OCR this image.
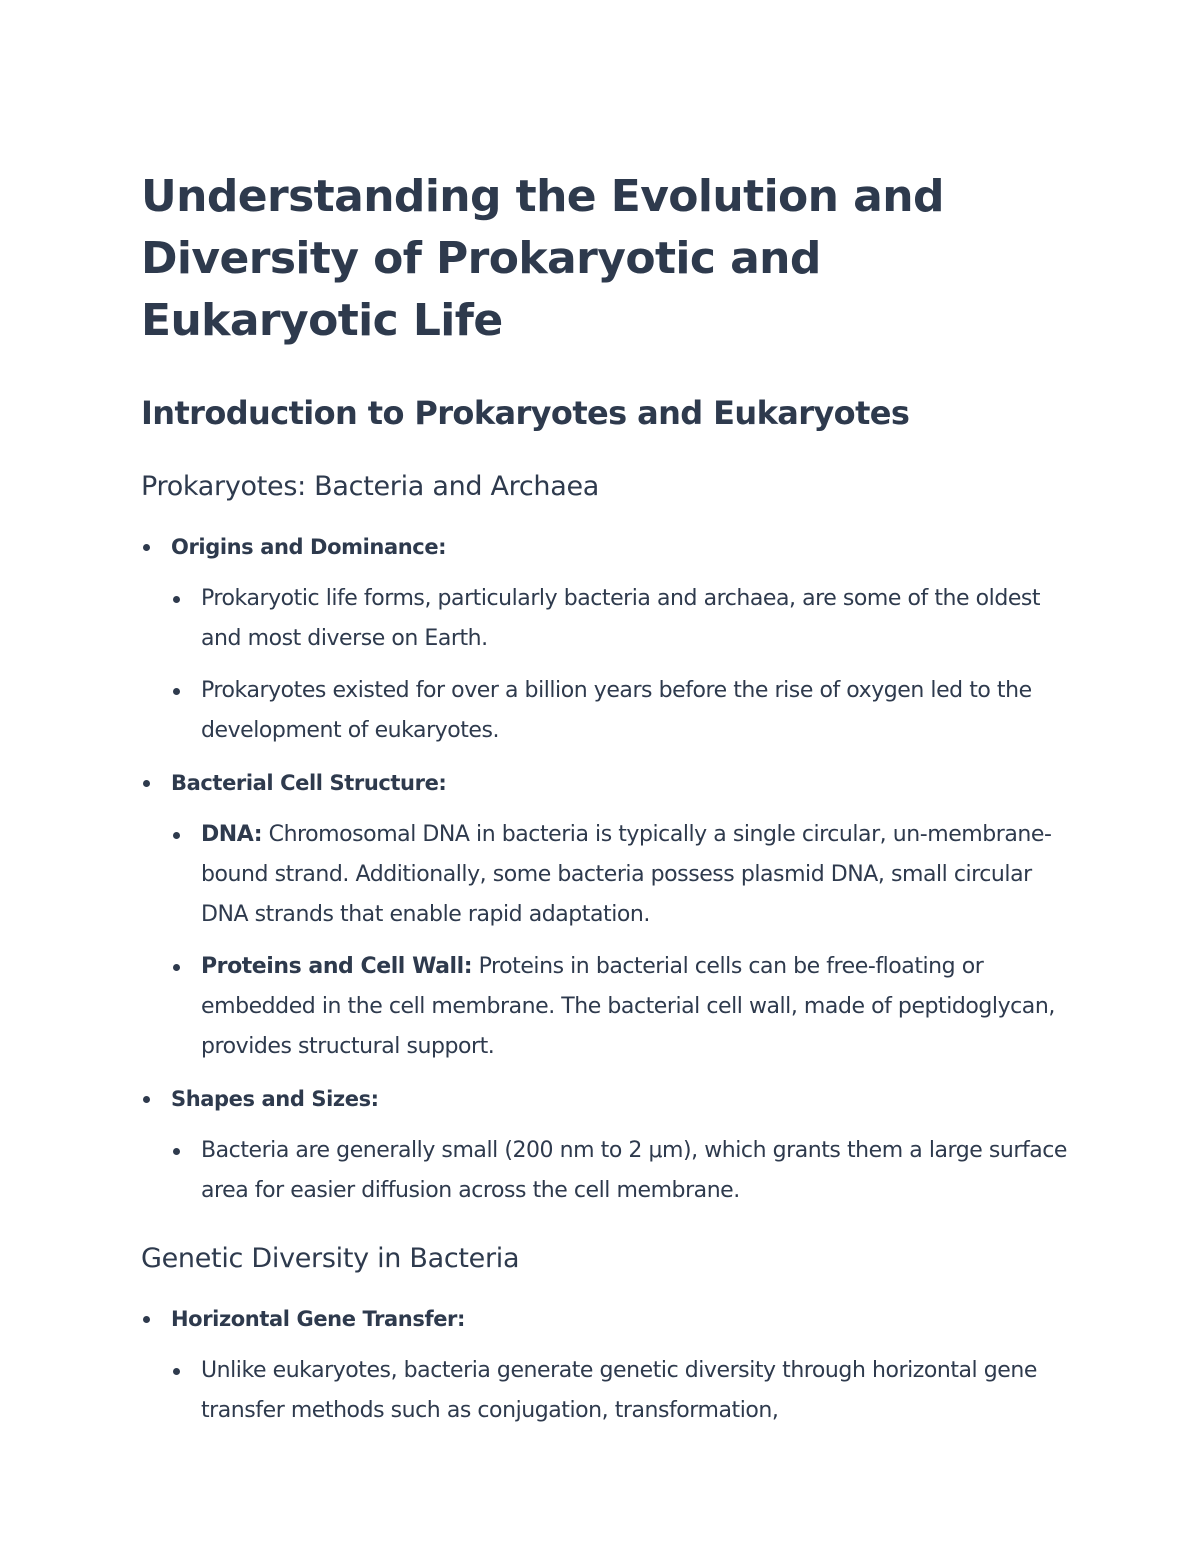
Understanding the Evolution and Diversity of Prokaryotic and Eukaryotic Life
Introduction to Prokaryotes and Eukaryotes
Prokaryotes: Bacteria and Archaea
Origins and Dominance:
Prokaryotic life forms, particularly bacteria and archaea, are some of the oldest and most diverse on Earth.
Prokaryotes existed for over a billion years before the rise of oxygen led to the development of eukaryotes.
Bacterial Cell Structure:
DNA: Chromosomal DNA in bacteria is typically a single circular, un-membrane-bound strand. Additionally, some bacteria possess plasmid DNA, small circular DNA strands that enable rapid adaptation.
Proteins and Cell Wall: Proteins in bacterial cells can be free-floating or embedded in the cell membrane. The bacterial cell wall, made of peptidoglycan, provides structural support.
Shapes and Sizes:
Bacteria are generally small (200 nm to 2 μm), which grants them a large surface area for easier diffusion across the cell membrane.
Genetic Diversity in Bacteria
Horizontal Gene Transfer:
Unlike eukaryotes, bacteria generate genetic diversity through horizontal gene transfer methods such as conjugation, transformation,
